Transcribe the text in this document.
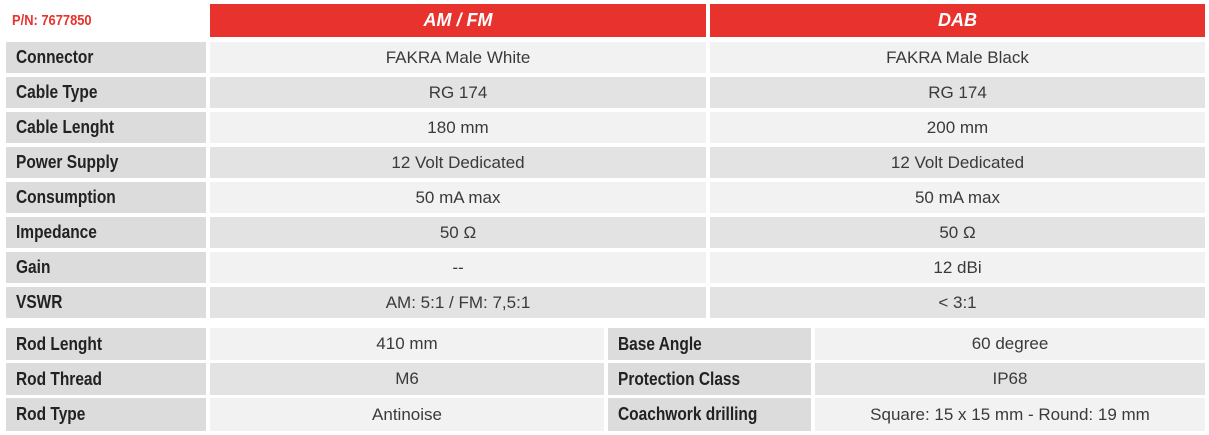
P/N: 7677850	AM / FM	DAB
Connector	FAKRA Male White	FAKRA Male Black
Cable Type	RG 174	RG 174
Cable Lenght	180 mm	200 mm
Power Supply	12 Volt Dedicated	12 Volt Dedicated
Consumption	50 mA max	50 mA max
Impedance	50 Ω	50 Ω
Gain	--	12 dBi
VSWR	AM: 5:1 / FM: 7,5:1	< 3:1
Rod Lenght	410 mm	Base Angle	60 degree
Rod Thread	M6	Protection Class	IP68
Rod Type	Antinoise	Coachwork drilling	Square: 15 x 15 mm - Round: 19 mm
